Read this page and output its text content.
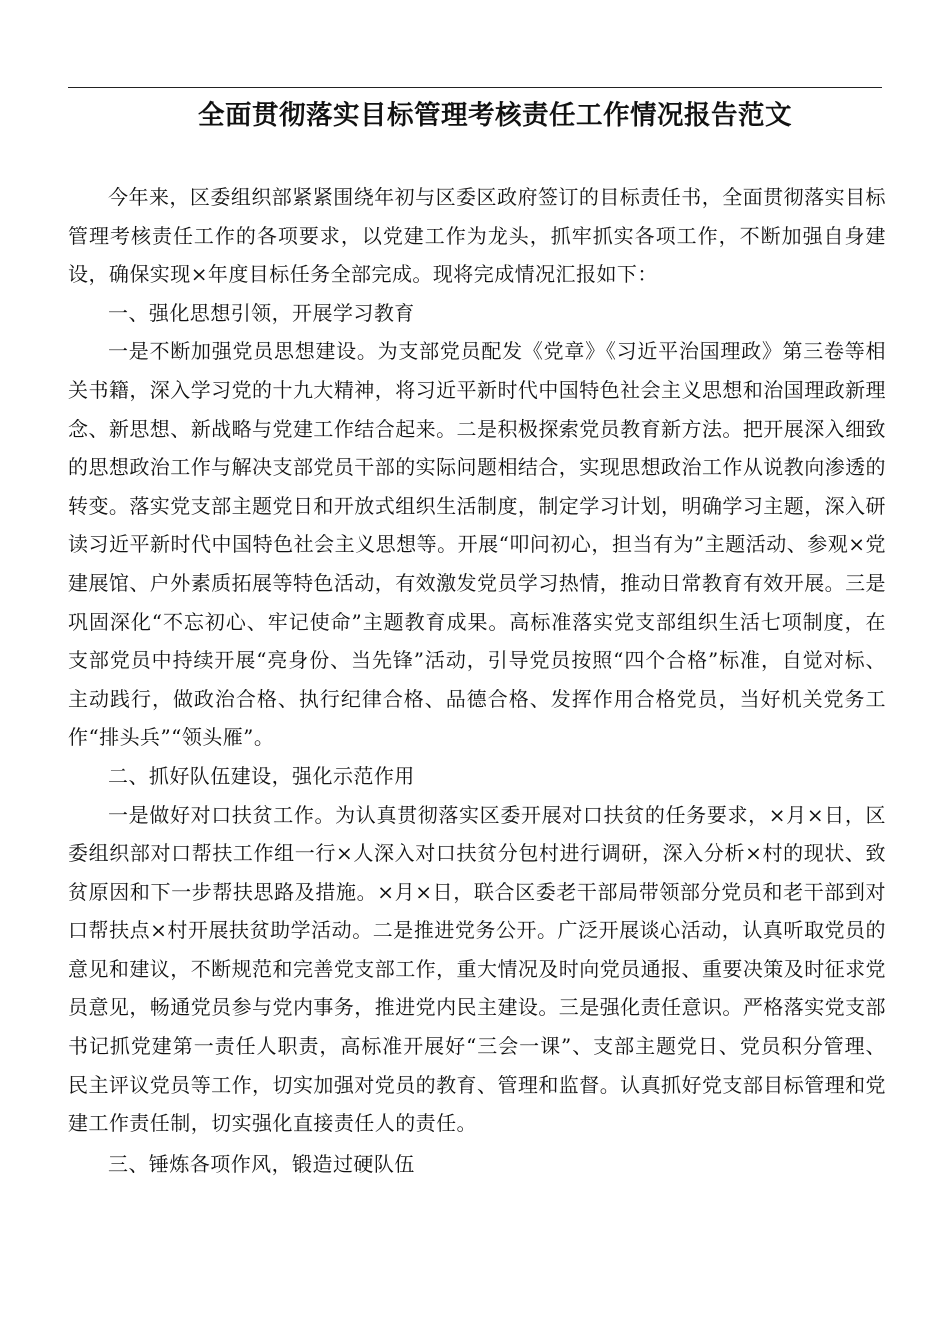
全面贯彻落实目标管理考核责任工作情况报告范文

今年来，区委组织部紧紧围绕年初与区委区政府签订的目标责任书，全面贯彻落实目标管理考核责任工作的各项要求，以党建工作为龙头，抓牢抓实各项工作，不断加强自身建设，确保实现×年度目标任务全部完成。现将完成情况汇报如下：

一、强化思想引领，开展学习教育

一是不断加强党员思想建设。为支部党员配发《党章》《习近平治国理政》第三卷等相关书籍，深入学习党的十九大精神，将习近平新时代中国特色社会主义思想和治国理政新理念、新思想、新战略与党建工作结合起来。二是积极探索党员教育新方法。把开展深入细致的思想政治工作与解决支部党员干部的实际问题相结合，实现思想政治工作从说教向渗透的转变。落实党支部主题党日和开放式组织生活制度，制定学习计划，明确学习主题，深入研读习近平新时代中国特色社会主义思想等。开展“叩问初心，担当有为”主题活动、参观×党建展馆、户外素质拓展等特色活动，有效激发党员学习热情，推动日常教育有效开展。三是巩固深化“不忘初心、牢记使命”主题教育成果。高标准落实党支部组织生活七项制度，在支部党员中持续开展“亮身份、当先锋”活动，引导党员按照“四个合格”标准，自觉对标、主动践行，做政治合格、执行纪律合格、品德合格、发挥作用合格党员，当好机关党务工作“排头兵”“领头雁”。

二、抓好队伍建设，强化示范作用

一是做好对口扶贫工作。为认真贯彻落实区委开展对口扶贫的任务要求，×月×日，区委组织部对口帮扶工作组一行×人深入对口扶贫分包村进行调研，深入分析×村的现状、致贫原因和下一步帮扶思路及措施。×月×日，联合区委老干部局带领部分党员和老干部到对口帮扶点×村开展扶贫助学活动。二是推进党务公开。广泛开展谈心活动，认真听取党员的意见和建议，不断规范和完善党支部工作，重大情况及时向党员通报、重要决策及时征求党员意见，畅通党员参与党内事务，推进党内民主建设。三是强化责任意识。严格落实党支部书记抓党建第一责任人职责，高标准开展好“三会一课”、支部主题党日、党员积分管理、民主评议党员等工作，切实加强对党员的教育、管理和监督。认真抓好党支部目标管理和党建工作责任制，切实强化直接责任人的责任。

三、锤炼各项作风，锻造过硬队伍
